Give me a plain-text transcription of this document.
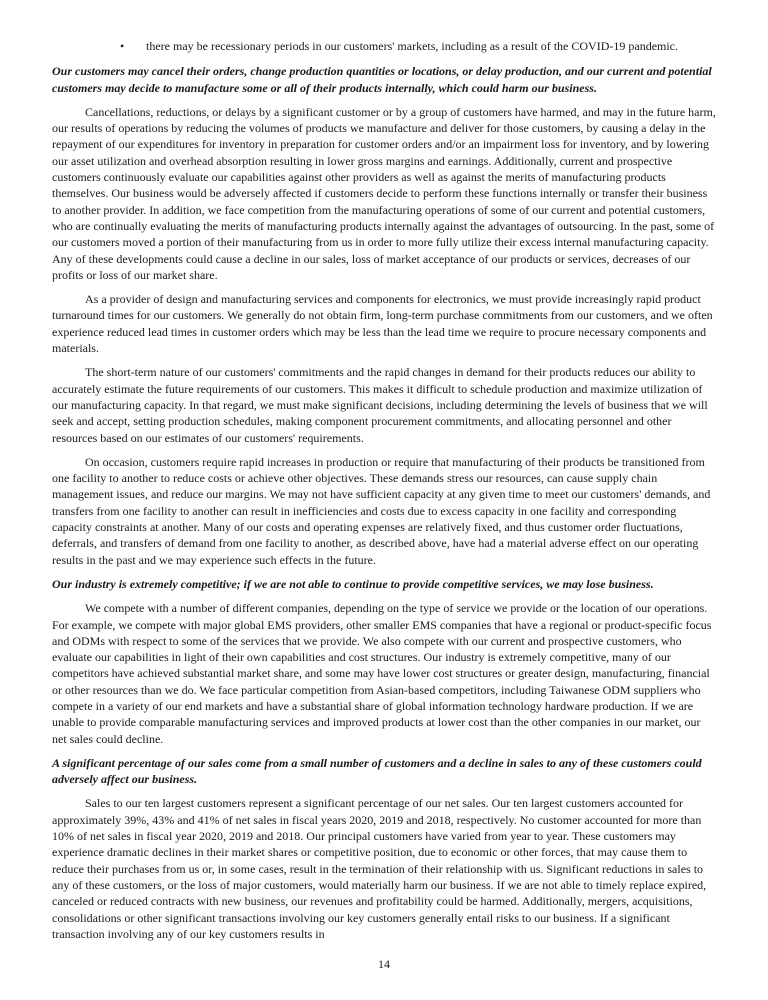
•	there may be recessionary periods in our customers' markets, including as a result of the COVID-19 pandemic.

Our customers may cancel their orders, change production quantities or locations, or delay production, and our current and potential customers may decide to manufacture some or all of their products internally, which could harm our business.

Cancellations, reductions, or delays by a significant customer or by a group of customers have harmed, and may in the future harm, our results of operations by reducing the volumes of products we manufacture and deliver for those customers, by causing a delay in the repayment of our expenditures for inventory in preparation for customer orders and/or an impairment loss for inventory, and by lowering our asset utilization and overhead absorption resulting in lower gross margins and earnings. Additionally, current and prospective customers continuously evaluate our capabilities against other providers as well as against the merits of manufacturing products themselves. Our business would be adversely affected if customers decide to perform these functions internally or transfer their business to another provider. In addition, we face competition from the manufacturing operations of some of our current and potential customers, who are continually evaluating the merits of manufacturing products internally against the advantages of outsourcing. In the past, some of our customers moved a portion of their manufacturing from us in order to more fully utilize their excess internal manufacturing capacity. Any of these developments could cause a decline in our sales, loss of market acceptance of our products or services, decreases of our profits or loss of our market share.

As a provider of design and manufacturing services and components for electronics, we must provide increasingly rapid product turnaround times for our customers. We generally do not obtain firm, long-term purchase commitments from our customers, and we often experience reduced lead times in customer orders which may be less than the lead time we require to procure necessary components and materials.

The short-term nature of our customers' commitments and the rapid changes in demand for their products reduces our ability to accurately estimate the future requirements of our customers. This makes it difficult to schedule production and maximize utilization of our manufacturing capacity. In that regard, we must make significant decisions, including determining the levels of business that we will seek and accept, setting production schedules, making component procurement commitments, and allocating personnel and other resources based on our estimates of our customers' requirements.

On occasion, customers require rapid increases in production or require that manufacturing of their products be transitioned from one facility to another to reduce costs or achieve other objectives. These demands stress our resources, can cause supply chain management issues, and reduce our margins. We may not have sufficient capacity at any given time to meet our customers' demands, and transfers from one facility to another can result in inefficiencies and costs due to excess capacity in one facility and corresponding capacity constraints at another. Many of our costs and operating expenses are relatively fixed, and thus customer order fluctuations, deferrals, and transfers of demand from one facility to another, as described above, have had a material adverse effect on our operating results in the past and we may experience such effects in the future.

Our industry is extremely competitive; if we are not able to continue to provide competitive services, we may lose business.

We compete with a number of different companies, depending on the type of service we provide or the location of our operations. For example, we compete with major global EMS providers, other smaller EMS companies that have a regional or product-specific focus and ODMs with respect to some of the services that we provide. We also compete with our current and prospective customers, who evaluate our capabilities in light of their own capabilities and cost structures. Our industry is extremely competitive, many of our competitors have achieved substantial market share, and some may have lower cost structures or greater design, manufacturing, financial or other resources than we do. We face particular competition from Asian-based competitors, including Taiwanese ODM suppliers who compete in a variety of our end markets and have a substantial share of global information technology hardware production. If we are unable to provide comparable manufacturing services and improved products at lower cost than the other companies in our market, our net sales could decline.

A significant percentage of our sales come from a small number of customers and a decline in sales to any of these customers could adversely affect our business.

Sales to our ten largest customers represent a significant percentage of our net sales. Our ten largest customers accounted for approximately 39%, 43% and 41% of net sales in fiscal years 2020, 2019 and 2018, respectively. No customer accounted for more than 10% of net sales in fiscal year 2020, 2019 and 2018. Our principal customers have varied from year to year. These customers may experience dramatic declines in their market shares or competitive position, due to economic or other forces, that may cause them to reduce their purchases from us or, in some cases, result in the termination of their relationship with us. Significant reductions in sales to any of these customers, or the loss of major customers, would materially harm our business. If we are not able to timely replace expired, canceled or reduced contracts with new business, our revenues and profitability could be harmed. Additionally, mergers, acquisitions, consolidations or other significant transactions involving our key customers generally entail risks to our business. If a significant transaction involving any of our key customers results in

14
